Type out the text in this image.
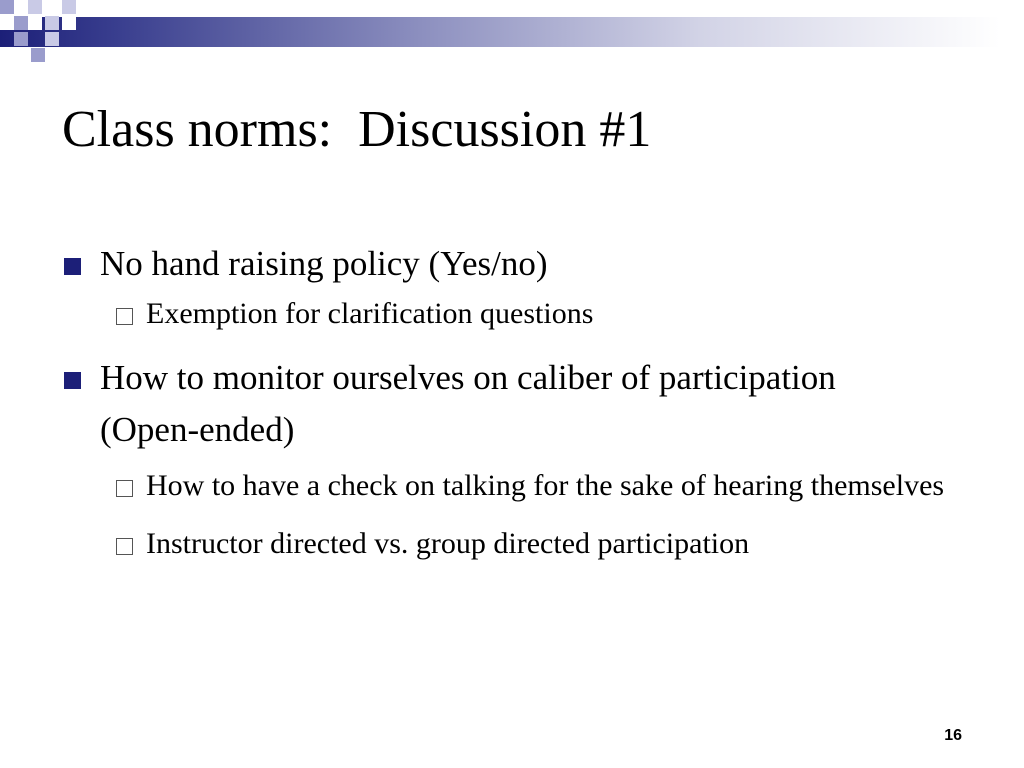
Class norms:  Discussion #1
No hand raising policy (Yes/no)
Exemption for clarification questions
How to monitor ourselves on caliber of participation (Open-ended)
How to have a check on talking for the sake of hearing themselves
Instructor directed vs. group directed participation
16
